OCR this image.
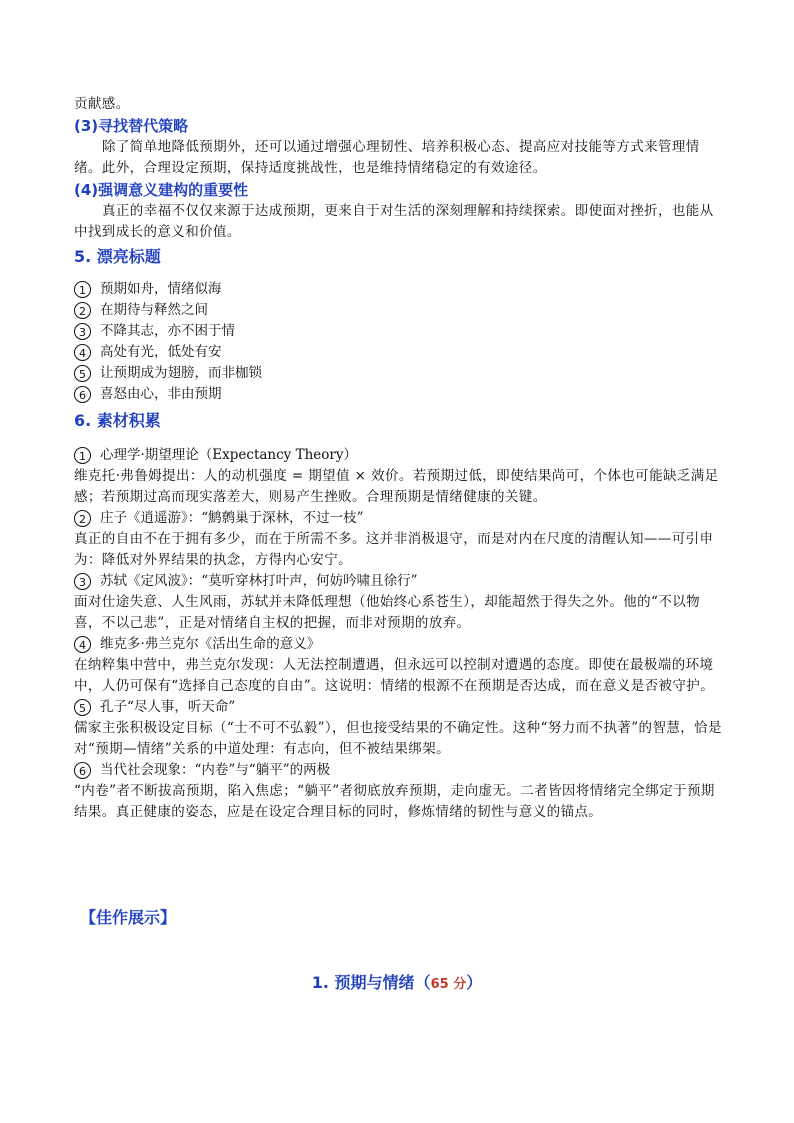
贡献感。

(3)寻找替代策略

除了简单地降低预期外，还可以通过增强心理韧性、培养积极心态、提高应对技能等方式来管理情绪。此外，合理设定预期，保持适度挑战性，也是维持情绪稳定的有效途径。

(4)强调意义建构的重要性

真正的幸福不仅仅来源于达成预期，更来自于对生活的深刻理解和持续探索。即使面对挫折，也能从中找到成长的意义和价值。

5. 漂亮标题

1	预期如舟，情绪似海
2	在期待与释然之间
3	不降其志，亦不困于情
4	高处有光，低处有安
5	让预期成为翅膀，而非枷锁
6	喜怒由心，非由预期

6. 素材积累

1	心理学·期望理论（Expectancy Theory）

维克托·弗鲁姆提出：人的动机强度 = 期望值 × 效价。若预期过低，即使结果尚可，个体也可能缺乏满足感；若预期过高而现实落差大，则易产生挫败。合理预期是情绪健康的关键。

2	庄子《逍遥游》：“鹪鹩巢于深林，不过一枝”

真正的自由不在于拥有多少，而在于所需不多。这并非消极退守，而是对内在尺度的清醒认知——可引申为：降低对外界结果的执念，方得内心安宁。

3	苏轼《定风波》：“莫听穿林打叶声，何妨吟啸且徐行”

面对仕途失意、人生风雨，苏轼并未降低理想（他始终心系苍生），却能超然于得失之外。他的“不以物喜，不以己悲”，正是对情绪自主权的把握，而非对预期的放弃。

4	维克多·弗兰克尔《活出生命的意义》

在纳粹集中营中，弗兰克尔发现：人无法控制遭遇，但永远可以控制对遭遇的态度。即使在最极端的环境中，人仍可保有“选择自己态度的自由”。这说明：情绪的根源不在预期是否达成，而在意义是否被守护。

5	孔子“尽人事，听天命”

儒家主张积极设定目标（“士不可不弘毅”），但也接受结果的不确定性。这种“努力而不执著”的智慧，恰是对“预期—情绪”关系的中道处理：有志向，但不被结果绑架。

6	当代社会现象：“内卷”与“躺平”的两极

“内卷”者不断拔高预期，陷入焦虑；“躺平”者彻底放弃预期，走向虚无。二者皆因将情绪完全绑定于预期结果。真正健康的姿态，应是在设定合理目标的同时，修炼情绪的韧性与意义的锚点。

【佳作展示】
1. 预期与情绪（65 分）
